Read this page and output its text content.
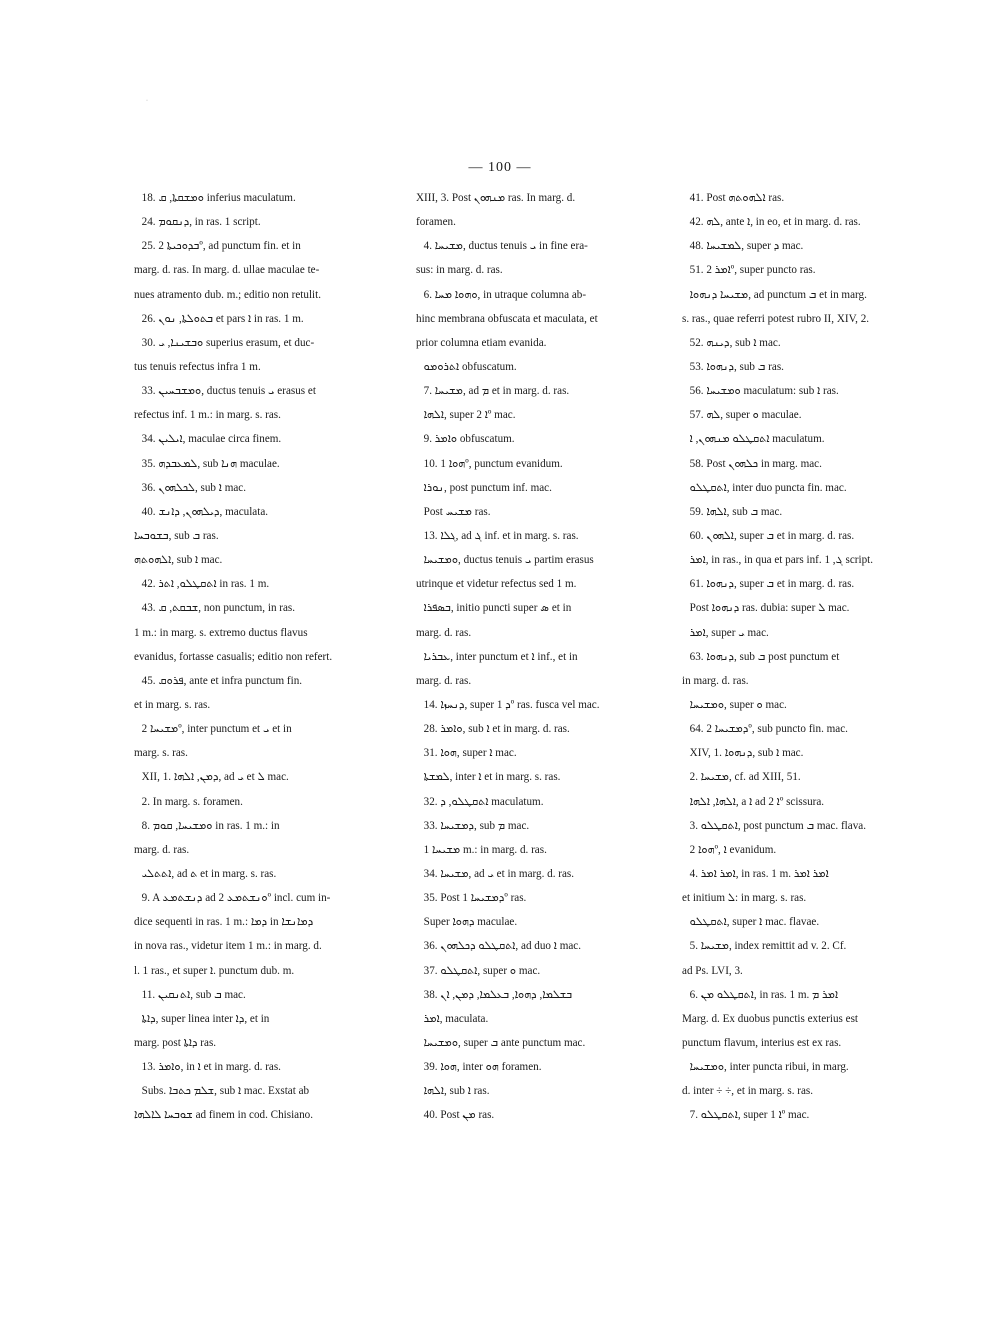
— 100 —
18. ܘܡܫܩܬܐ, ܩ inferius maculatum.
24. ܕܢܩܘܡ, in ras. 1 script.
25. ܒܕܘܟܝܬܐ 2º, ad punctum fin. et in
marg. d. ras. In marg. d. ullae maculae te-
nues atramento dub. m.; editio non retulit.
26. ܒܬܘܠܬܐ, ܢܘܢ et pars ܐ in ras. 1 m.
30. ܘܒܫܝܢܐ, ܝ superius erasum, et duc-
tus tenuis refectus infra 1 m.
33. ܘܡܫܒܚܝܢ, ductus tenuis ܝ erasus et
refectus inf. 1 m.: in marg. s. ras.
34. ܐܝܠܝܢ, maculae circa finem.
35. ܠܡܥܒܕܗ, sub ܗܢܐ maculae.
36. ܠܟܠܗܘܢ, sub ܐ mac.
40. ܕܝܠܗܘܢ, ܕܐܢܫ, maculata.
ܒܫܘܒܚܐ, sub ܒ ras.
ܐܠܗܘܬܗ, sub ܐ mac.
42. ܐܬܩܛܠܘ, ܐܬܪ in ras. 1 m.
43. ܫܒܩܬ, ܩ, non punctum, in ras.
1 m.: in marg. s. extremo ductus flavus
evanidus, fortasse casualis; editio non refert.
45. ܦܪܘܩ, ante et infra punctum fin.
et in marg. s. ras.
ܡܫܝܚܐ 2º, inter punctum et ܝ et in
marg. s. ras.
XII, 1. ܕܡܢ, ܐܠܗܐ, ad ܝ et ܠ mac.
2. In marg. s. foramen.
8. ܘܡܫܝܚܐ, ܩܘܡ in ras. 1 m.: in
marg. d. ras.
ܐܬܬܠܝ, ad ܬ et in marg. s. ras.
9. A ܕܢܫܬܡܥ ad ܘܢܫܬܡܥ 2º incl. cum in-
dice sequenti in ras. 1 m.: ܕܡܐ in ܕܡܐܢܫܐ
in nova ras., videtur item 1 m.: in marg. d.
l. 1 ras., et super ܐ. punctum dub. m.
11. ܐܬܢܩܝܢ, sub ܒ mac.
ܕܐܬܐ, super linea inter ܕܐ, et in
marg. post ܕܐܬܐ ras.
13. ܘܐܡܪ, in ܐ et in marg. d. ras.
Subs. ܫܠܡ ܟܬܒܐ, sub ܐ mac. Exstat ab
ܫܘܒܚܐ ܠܐܠܗܐ ad finem in cod. Chisiano.
XIII, 3. Post ܡܢܗܘܢ ras. In marg. d.
foramen.
4. ܡܫܝܚܐ, ductus tenuis ܝ in fine era-
sus: in marg. d. ras.
6. ܘܗܘܐ ܡܚܐ, in utraque columna ab-
hinc membrana obfuscata et maculata, et
prior columna etiam evanida.
ܐܬܪܘܡܘ obfuscatum.
7. ܡܫܝܚܐ, ad ܡ et in marg. d. ras.
ܐܠܗܐ, super ܐ 2º mac.
9. ܘܐܡܪ obfuscatum.
10. ܗܘܐ 1º, punctum evanidum.
ܢܘܪܐ, post punctum inf. mac.
Post ܡܫܝܚ ras.
13. ܓܠܐ, ad ܓ inf. et in marg. s. ras.
ܘܡܫܝܚܐ, ductus tenuis ܝ partim erasus
utrinque et videtur refectus sed 1 m.
ܒܣܦܪܐ, initio puncti super ܣ et in
marg. d. ras.
ܥܒܪܝܐ, inter punctum et ܐ inf., et in
marg. d. ras.
14. ܕܢܚܙܐ, super ܕ 1º ras. fusca vel mac.
28. ܘܐܡܪ, sub ܐ et in marg. d. ras.
31. ܗܘܐ, super ܐ mac.
ܠܡܫܬܐ, inter ܐ et in marg. s. ras.
32. ܐܬܩܛܠܘ, ܕ maculatum.
33. ܕܡܫܝܚܐ, sub ܡ mac.
ܡܫܝܚܐ 1 m.: in marg. d. ras.
34. ܡܫܝܚܐ, ad ܝ et in marg. d. ras.
35. Post ܕܡܫܝܚܐ 1º ras.
Super ܕܗܘܐ maculae.
36. ܐܬܩܛܠܘ ܕܟܠܗܘܢ, ad duo ܐ mac.
37. ܐܬܩܛܠܘ, super ܘ mac.
38. ܒܫܠܡܐ, ܕܗܘܐ, ܒܥܠܡܐ, ܕܡܢ, ܐܢ
ܐܡܪ, maculata.
ܘܡܫܝܚܐ, super ܒ ante punctum mac.
39. ܗܘܐ, inter ܗܘ foramen.
ܐܠܗܐ, sub ܐ ras.
40. Post ܡܢ ras.
41. Post ܐܠܗܘܬܗ ras.
42. ܠܗ, ante ܐ, in eo, et in marg. d. ras.
48. ܠܡܫܝܚܐ, super ܕ mac.
51. ܐܡܪ 2º, super puncto ras.
ܡܫܝܚܐ ܕܢܗܘܐ, ad punctum ܒ et in marg.
s. ras., quae referri potest rubro II, XIV, 2.
52. ܕܝܢܗ, sub ܐ mac.
53. ܕܢܗܘܐ, sub ܒ ras.
56. ܘܡܫܝܚܐ maculatum: sub ܐ ras.
57. ܠܗ, super ܘ maculae.
ܐܬܩܛܠܘ ܡܢܗܘܢ, ܐ maculatum.
58. Post ܟܠܗܘܢ in marg. mac.
ܐܬܩܛܠܘ, inter duo puncta fin. mac.
59. ܐܠܗܐ, sub ܒ mac.
60. ܐܠܗܘܢ, super ܒ et in marg. d. ras.
ܐܡܪ, in ras., in qua et pars inf. ܓ, 1 script.
61. ܕܢܗܘܐ, super ܒ et in marg. d. ras.
Post ܕܢܗܘܐ ras. dubia: super ܠ mac.
ܐܡܪ, super ܝ mac.
63. ܕܢܗܘܐ, sub ܒ post punctum et
in marg. d. ras.
ܘܡܫܝܚܐ, super ܘ mac.
64. ܕܡܫܝܚܐ 2º, sub puncto fin. mac.
XIV, 1. ܕܢܗܘܐ, sub ܐ mac.
2. ܡܫܝܚܐ, cf. ad XIII, 51.
ܐܠܗܐ, ܐܠܗܐ, a ܐ ad ܐ 2º scissura.
3. ܐܬܩܛܠܘ, post punctum ܒ mac. flava.
ܗܘܐ 2º, ܐ evanidum.
4. ܐܡܪ ܐܡܪ, in ras. 1 m. ܐܡܪ ܐܡܪ
et initium ܠ: in marg. s. ras.
ܐܬܩܛܠܘ, super ܐ mac. flavae.
5. ܡܫܝܚܐ, index remittit ad v. 2. Cf.
ad Ps. LVI, 3.
6. ܐܬܩܛܠܘ ܡܢ, in ras. 1 m. ܐܡܪ ܡ
Marg. d. Ex duobus punctis exterius est
punctum flavum, interius est ex ras.
ܘܡܫܝܚܐ, inter puncta ribui, in marg.
d. inter ÷ ÷, et in marg. s. ras.
7. ܐܬܩܛܠܘ, super ܐ 1º mac.
·
